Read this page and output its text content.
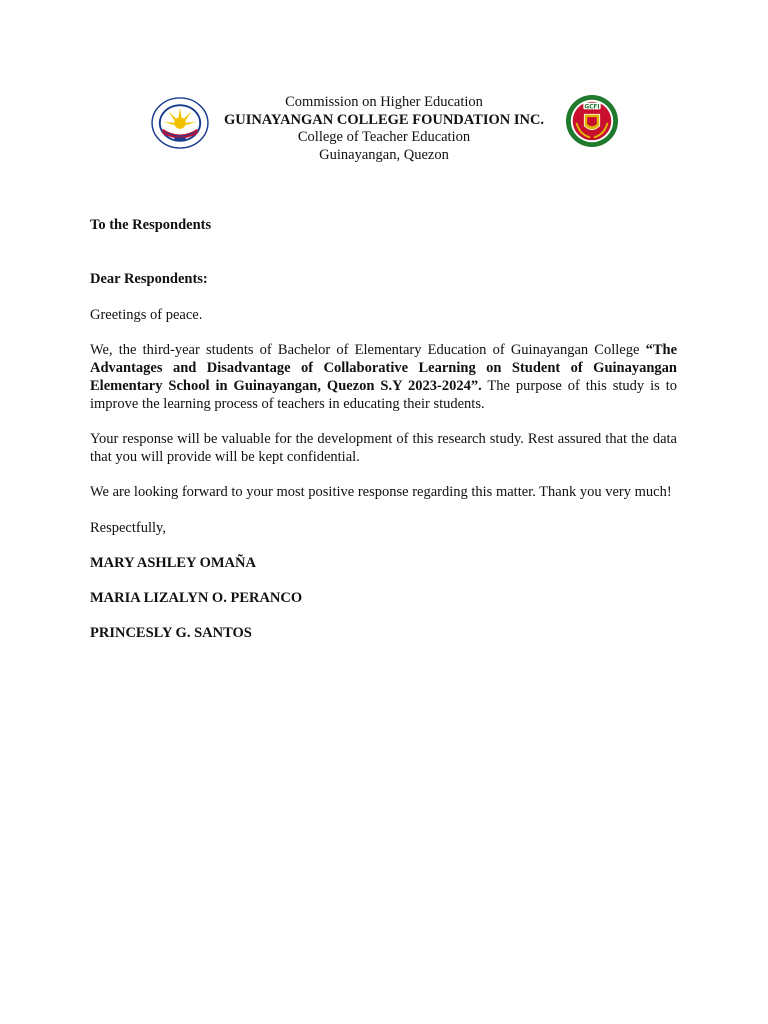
Commission on Higher Education
GUINAYANGAN COLLEGE FOUNDATION INC.
College of Teacher Education
Guinayangan, Quezon
GCFI

To the Respondents

Dear Respondents:

Greetings of peace.

We, the third-year students of Bachelor of Elementary Education of Guinayangan College “The Advantages and Disadvantage of Collaborative Learning on Student of Guinayangan Elementary School in Guinayangan, Quezon S.Y 2023-2024”. The purpose of this study is to improve the learning process of teachers in educating their students.

Your response will be valuable for the development of this research study. Rest assured that the data that you will provide will be kept confidential.

We are looking forward to your most positive response regarding this matter. Thank you very much!

Respectfully,

MARY ASHLEY OMAÑA

MARIA LIZALYN O. PERANCO

PRINCESLY G. SANTOS
